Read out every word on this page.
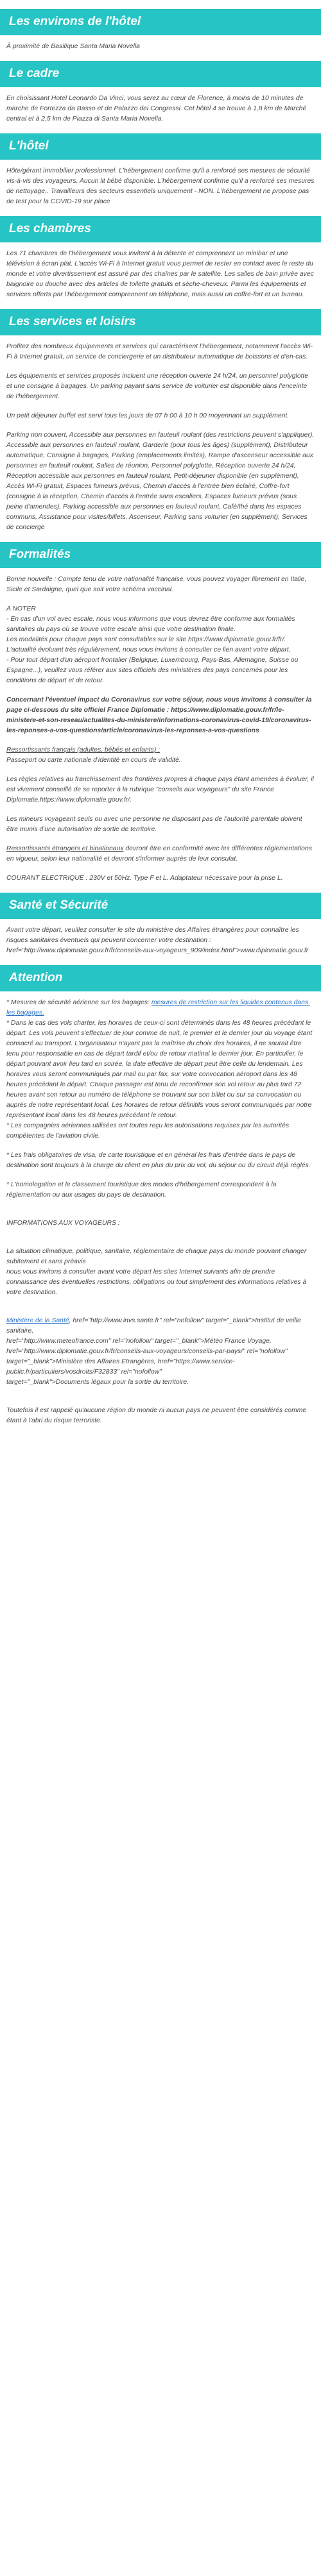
Les environs de l'hôtel

À proximité de Basilique Santa Maria Novella

Le cadre

En choisissant Hotel Leonardo Da Vinci, vous serez au cœur de Florence, à moins de 10 minutes de marche de Fortezza da Basso et de Palazzo dei Congressi. Cet hôtel 4 se trouve à 1,8 km de Marché central et à 2,5 km de Piazza di Santa Maria Novella.

L'hôtel

Hôte/gérant immobilier professionnel. L'hébergement confirme qu'il a renforcé ses mesures de sécurité vis-à-vis des voyageurs. Aucun lit bébé disponible. L'hébergement confirme qu'il a renforcé ses mesures de nettoyage.. Travailleurs des secteurs essentiels uniquement - NON. L'hébergement ne propose pas de test pour la COVID-19 sur place

Les chambres

Les 71 chambres de l'hébergement vous invitent à la détente et comprennent un minibar et une télévision à écran plat. L'accès Wi-Fi à Internet gratuit vous permet de rester en contact avec le reste du monde et votre divertissement est assuré par des chaînes par le satellite. Les salles de bain privée avec baignoire ou douche avec des articles de toilette gratuits et sèche-cheveux. Parmi les équipements et services offerts par l'hébergement comprennent un téléphone, mais aussi un coffre-fort et un bureau.

Les services et loisirs

Profitez des nombreux équipements et services qui caractérisent l'hébergement, notamment l'accès Wi-Fi à Internet gratuit, un service de conciergerie et un distributeur automatique de boissons et d'en-cas.

Les équipements et services proposés incluent une réception ouverte 24 h/24, un personnel polyglotte et une consigne à bagages. Un parking payant sans service de voiturier est disponible dans l'enceinte de l'hébergement.

Un petit déjeuner buffet est servi tous les jours de 07 h 00 à 10 h 00 moyennant un supplément.

Parking non couvert, Accessible aux personnes en fauteuil roulant (des restrictions peuvent s'appliquer), Accessible aux personnes en fauteuil roulant, Garderie (pour tous les âges) (supplément), Distributeur automatique, Consigne à bagages, Parking (emplacements limités), Rampe d'ascenseur accessible aux personnes en fauteuil roulant, Salles de réunion, Personnel polyglotte, Réception ouverte 24 h/24, Réception accessible aux personnes en fauteuil roulant, Petit-déjeuner disponible (en supplément), Accès Wi-Fi gratuit, Espaces fumeurs prévus, Chemin d'accès à l'entrée bien éclairé, Coffre-fort (consigne à la réception, Chemin d'accès à l'entrée sans escaliers, Espaces fumeurs prévus (sous peine d'amendes), Parking accessible aux personnes en fauteuil roulant, Café/thé dans les espaces communs, Assistance pour visites/billets, Ascenseur, Parking sans voiturier (en supplément), Services de concierge

Formalités

Bonne nouvelle : Compte tenu de votre nationalité française, vous pouvez voyager librement en Italie, Sicile et Sardaigne, quel que soit votre schéma vaccinal.

A NOTER
- En cas d'un vol avec escale, nous vous informons que vous devrez être conforme aux formalités sanitaires du pays où se trouve votre escale ainsi que votre destination finale.
Les modalités pour chaque pays sont consultables sur le site https://www.diplomatie.gouv.fr/fr/. L'actualité évoluant très régulièrement, nous vous invitons à consulter ce lien avant votre départ.
- Pour tout départ d'un aéroport frontalier (Belgique, Luxembourg, Pays-Bas, Allemagne, Suisse ou Espagne...), veuillez vous référer aux sites officiels des ministères des pays concernés pour les conditions de départ et de retour.

Concernant l'éventuel impact du Coronavirus sur votre séjour, nous vous invitons à consulter la page ci-dessous du site officiel France Diplomatie : https://www.diplomatie.gouv.fr/fr/le-ministere-et-son-reseau/actualites-du-ministere/informations-coronavirus-covid-19/coronavirus-les-reponses-a-vos-questions/article/coronavirus-les-reponses-a-vos-questions

Ressortissants français (adultes, bébés et enfants) :

Passeport ou carte nationale d'identité en cours de validité.

Les règles relatives au franchissement des frontières propres à chaque pays étant amenées à évoluer, il est vivement conseillé de se reporter à la rubrique "conseils aux voyageurs" du site France Diplomatie,https://www.diplomatie.gouv.fr/.

Les mineurs voyageant seuls ou avec une personne ne disposant pas de l'autorité parentale doivent être munis d'une autorisation de sortie de territoire.

Ressortissants étrangers et binationaux devront être en conformité avec les différentes réglementations en vigueur, selon leur nationalité et devront s'informer auprès de leur consulat.

COURANT ELECTRIQUE : 230V et 50Hz. Type F et L. Adaptateur nécessaire pour la prise L.

Santé et Sécurité

Avant votre départ, veuillez consulter le site du ministère des Affaires étrangères pour connaître les risques sanitaires éventuels qui peuvent concerner votre destination : href="http://www.diplomatie.gouv.fr/fr/conseils-aux-voyageurs_909/index.html">www.diplomatie.gouv.fr

Attention

* Mesures de sécurité aérienne sur les bagages: mesures de restriction sur les liquides contenus dans les bagages.
* Dans le cas des vols charter, les horaires de ceux-ci sont déterminés dans les 48 heures précédant le départ. Les vols peuvent s'effectuer de jour comme de nuit, le premier et le dernier jour du voyage étant consacré au transport. L'organisateur n'ayant pas la maîtrise du choix des horaires, il ne saurait être tenu pour responsable en cas de départ tardif et/ou de retour matinal le dernier jour. En particulier, le départ pouvant avoir lieu tard en soirée, la date effective de départ peut être celle du lendemain. Les horaires vous seront communiqués par mail ou par fax, sur votre convocation aéroport dans les 48 heures précédant le départ. Chaque passager est tenu de reconfirmer son vol retour au plus tard 72 heures avant son retour au numéro de téléphone se trouvant sur son billet ou sur sa convocation ou auprès de notre représentant local. Les horaires de retour définitifs vous seront communiqués par notre représentant local dans les 48 heures précédant le retour.
* Les compagnies aériennes utilisées ont toutes reçu les autorisations requises par les autorités compétentes de l'aviation civile.

* Les frais obligatoires de visa, de carte touristique et en général les frais d'entrée dans le pays de destination sont toujours à la charge du client en plus du prix du vol, du séjour ou du circuit déjà réglés.

* L'homologation et le classement touristique des modes d'hébergement correspondent à la réglementation ou aux usages du pays de destination.

INFORMATIONS AUX VOYAGEURS :

La situation climatique, politique, sanitaire, réglementaire de chaque pays du monde pouvant changer subitement et sans préavis
nous vous invitons à consulter avant votre départ les sites Internet suivants afin de prendre connaissance des éventuelles restrictions, obligations ou tout simplement des informations relatives à votre destination.

Ministère de la Santé, href="http://www.invs.sante.fr" rel="nofollow" target="_blank">Institut de veille sanitaire,
href="http://www.meteofrance.com" rel="nofollow" target="_blank">Météo France Voyage, href="http://www.diplomatie.gouv.fr/fr/conseils-aux-voyageurs/conseils-par-pays/" rel="nofollow"
target="_blank">Ministère des Affaires Etrangères, href="https://www.service-public.fr/particuliers/vosdroits/F32833" rel="nofollow"
target="_blank">Documents légaux pour la sortie du territoire.

Toutefois il est rappelé qu'aucune région du monde ni aucun pays ne peuvent être considérés comme étant à l'abri du risque terroriste.
